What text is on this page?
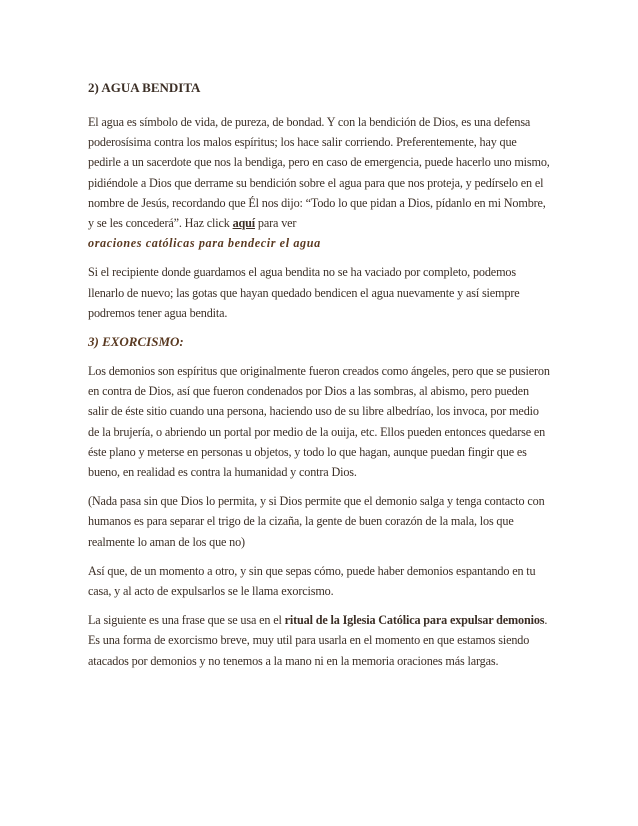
2) AGUA BENDITA

El agua es símbolo de vida, de pureza, de bondad. Y con la bendición de Dios, es una defensa poderosísima contra los malos espíritus; los hace salir corriendo. Preferentemente, hay que pedirle a un sacerdote que nos la bendiga, pero en caso de emergencia, puede hacerlo uno mismo, pidiéndole a Dios que derrame su bendición sobre el agua para que nos proteja, y pedírselo en el nombre de Jesús, recordando que Él nos dijo: “Todo lo que pidan a Dios, pídanlo en mi Nombre, y se les concederá”. Haz click aquí para ver
oraciones católicas para bendecir el agua

Si el recipiente donde guardamos el agua bendita no se ha vaciado por completo, podemos llenarlo de nuevo; las gotas que hayan quedado bendicen el agua nuevamente y así siempre podremos tener agua bendita.

3) EXORCISMO:

Los demonios son espíritus que originalmente fueron creados como ángeles, pero que se pusieron en contra de Dios, así que fueron condenados por Dios a las sombras, al abismo, pero pueden salir de éste sitio cuando una persona, haciendo uso de su libre albedríao, los invoca, por medio de la brujería, o abriendo un portal por medio de la ouija, etc. Ellos pueden entonces quedarse en éste plano y meterse en personas u objetos, y todo lo que hagan, aunque puedan fingir que es bueno, en realidad es contra la humanidad y contra Dios.

(Nada pasa sin que Dios lo permita, y si Dios permite que el demonio salga y tenga contacto con humanos es para separar el trigo de la cizaña, la gente de buen corazón de la mala, los que realmente lo aman de los que no)

Así que, de un momento a otro, y sin que sepas cómo, puede haber demonios espantando en tu casa, y al acto de expulsarlos se le llama exorcismo.

La siguiente es una frase que se usa en el ritual de la Iglesia Católica para expulsar demonios. Es una forma de exorcismo breve, muy util para usarla en el momento en que estamos siendo atacados por demonios y no tenemos a la mano ni en la memoria oraciones más largas.
